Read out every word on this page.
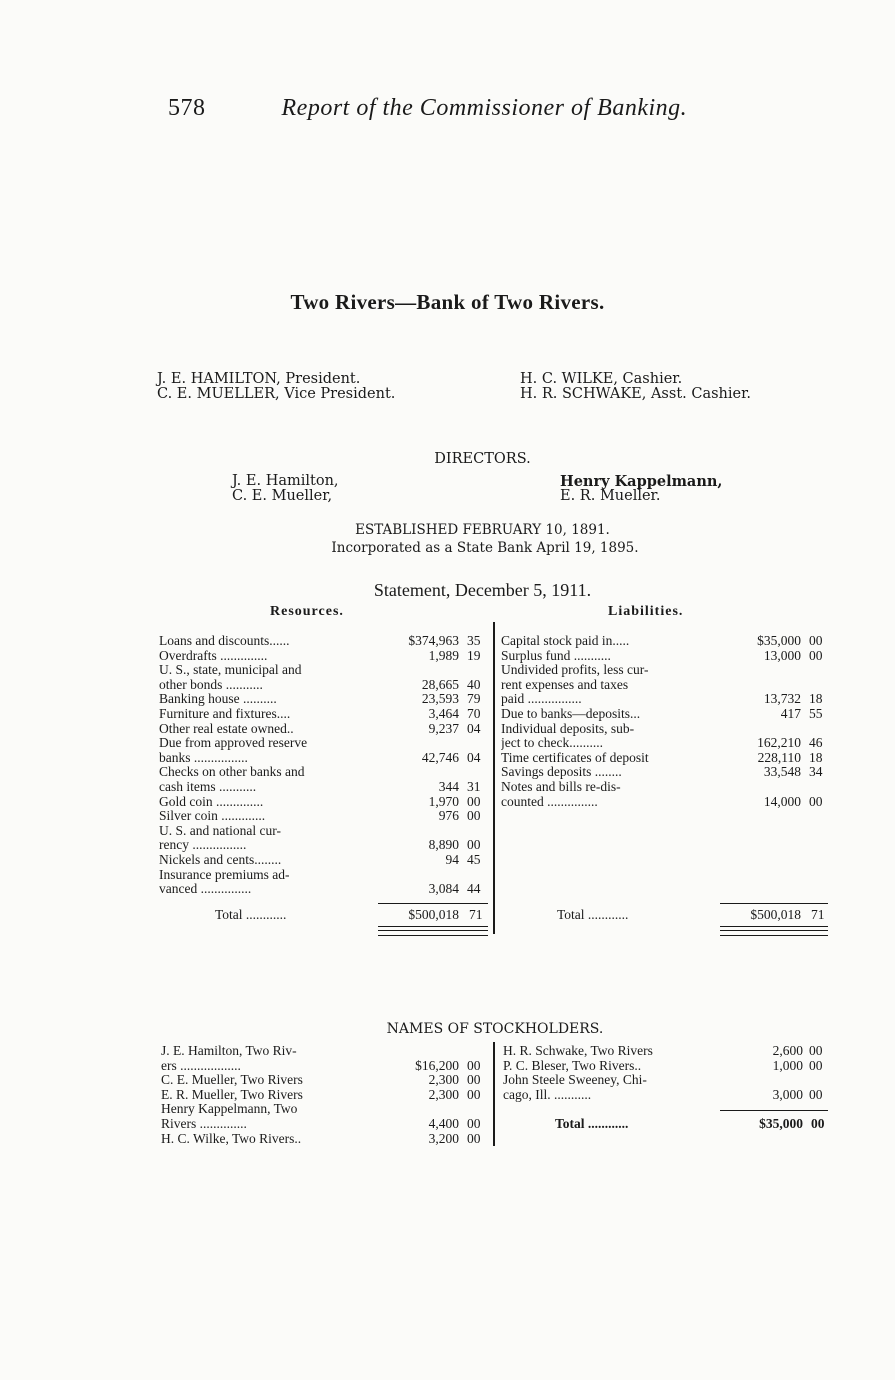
578	Report of the Commissioner of Banking.
Two Rivers—Bank of Two Rivers.
J. E. HAMILTON, President.
C. E. MUELLER, Vice President.
H. C. WILKE, Cashier.
H. R. SCHWAKE, Asst. Cashier.
DIRECTORS.
J. E. Hamilton,
C. E. Mueller,
Henry Kappelmann,
E. R. Mueller.
ESTABLISHED FEBRUARY 10, 1891.
Incorporated as a State Bank April 19, 1895.
Statement, December 5, 1911.
Resources.	Liabilities.
Loans and discounts......	$374,963 35
Overdrafts ..............	1,989 19
U. S., state, municipal and
other bonds ...........	28,665 40
Banking house ..........	23,593 79
Furniture and fixtures....	3,464 70
Other real estate owned..	9,237 04
Due from approved reserve
banks ................	42,746 04
Checks on other banks and
cash items ...........	344 31
Gold coin ..............	1,970 00
Silver coin .............	976 00
U. S. and national cur-
rency ................	8,890 00
Nickels and cents........	94 45
Insurance premiums ad-
vanced ...............	3,084 44
Capital stock paid in.....	$35,000 00
Surplus fund ...........	13,000 00
Undivided profits, less cur-
rent expenses and taxes
paid ................	13,732 18
Due to banks—deposits...	417 55
Individual deposits, sub-
ject to check..........	162,210 46
Time certificates of deposit	228,110 18
Savings deposits ........	33,548 34
Notes and bills re-dis-
counted ...............	14,000 00
Total ............	$500,018 71	Total ............	$500,018 71
NAMES OF STOCKHOLDERS.
J. E. Hamilton, Two Riv-
ers ..................	$16,200 00
C. E. Mueller, Two Rivers	2,300 00
E. R. Mueller, Two Rivers	2,300 00
Henry Kappelmann, Two
Rivers ..............	4,400 00
H. C. Wilke, Two Rivers..	3,200 00
H. R. Schwake, Two Rivers	2,600 00
P. C. Bleser, Two Rivers..	1,000 00
John Steele Sweeney, Chi-
cago, Ill. ...........	3,000 00
Total ............	$35,000 00
